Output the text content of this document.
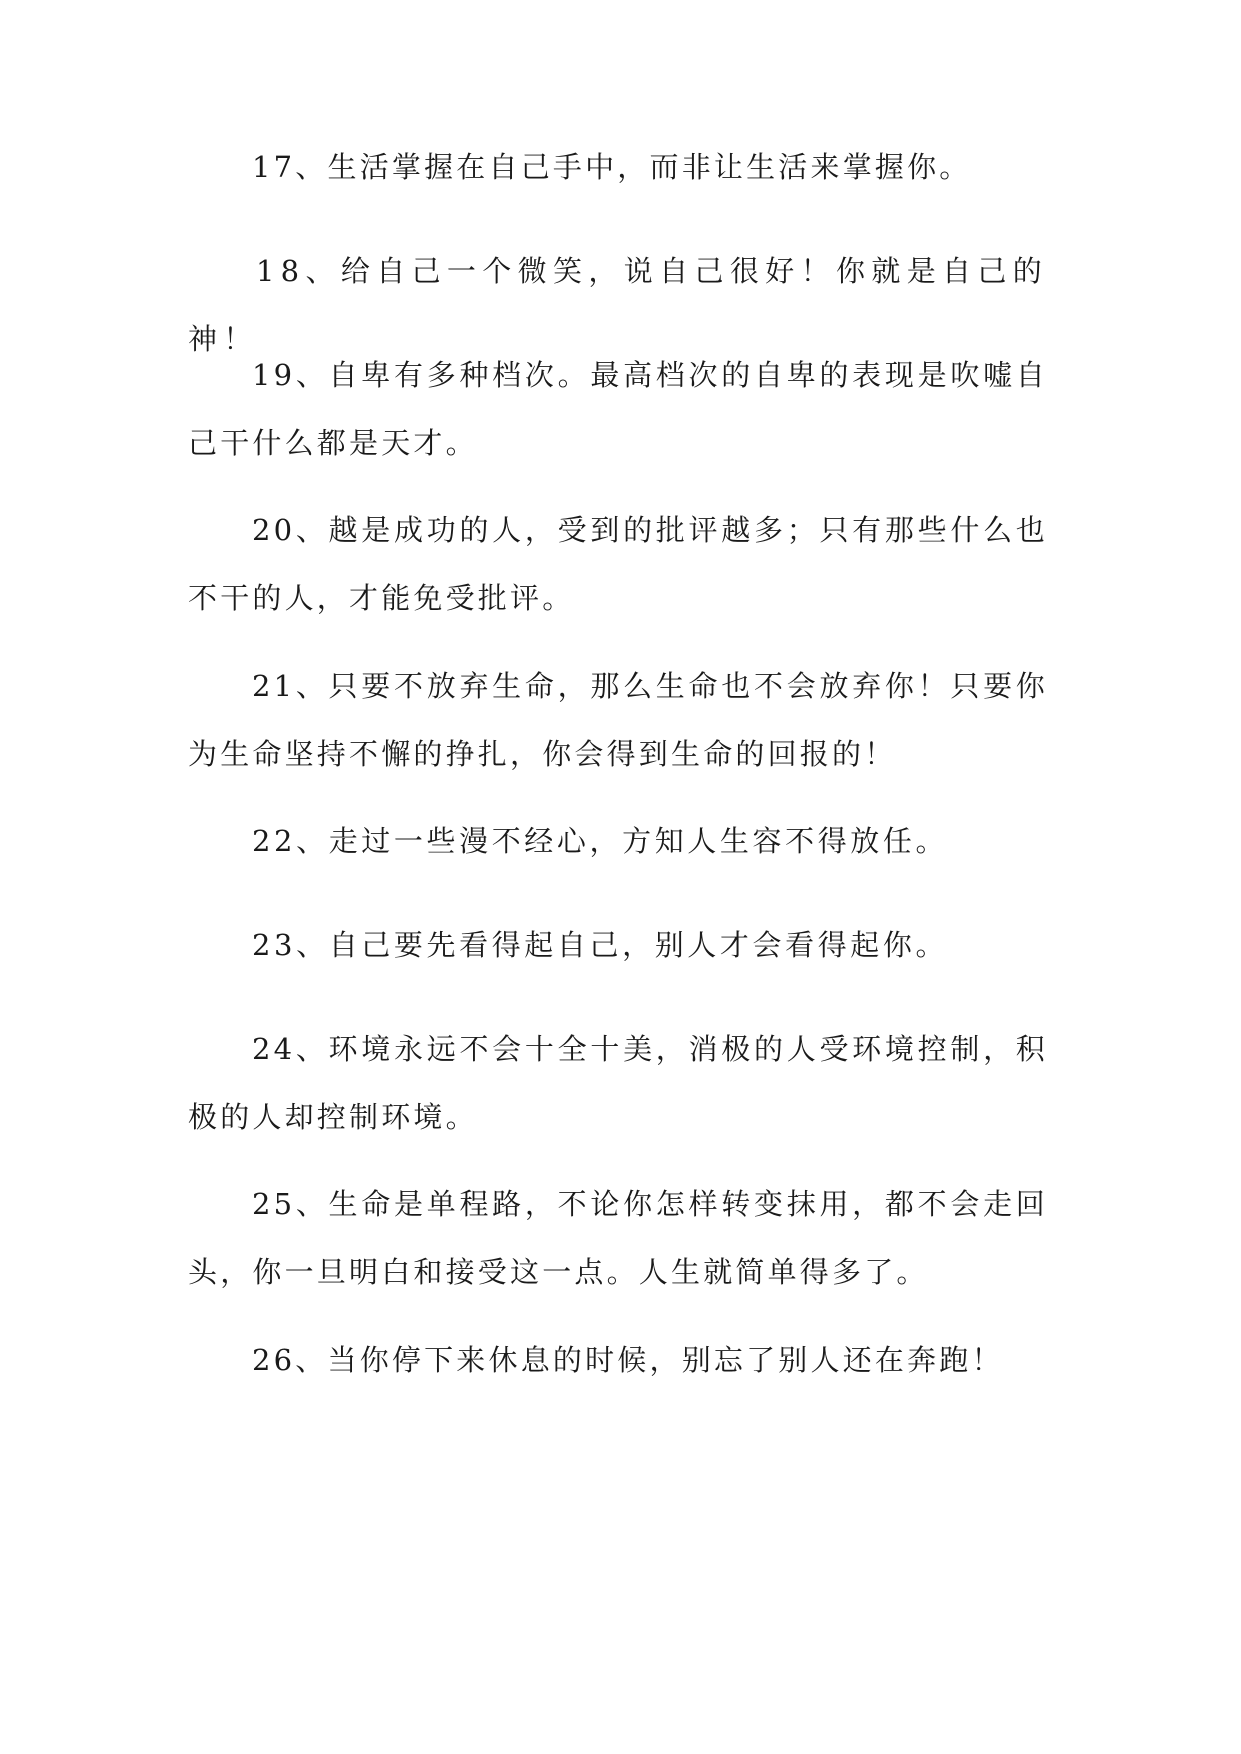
17、生活掌握在自己手中，而非让生活来掌握你。

18、给自己一个微笑，说自己很好！你就是自己的神！

19、自卑有多种档次。最高档次的自卑的表现是吹嘘自己干什么都是天才。

20、越是成功的人，受到的批评越多；只有那些什么也不干的人，才能免受批评。

21、只要不放弃生命，那么生命也不会放弃你！只要你为生命坚持不懈的挣扎，你会得到生命的回报的！

22、走过一些漫不经心，方知人生容不得放任。

23、自己要先看得起自己，别人才会看得起你。

24、环境永远不会十全十美，消极的人受环境控制，积极的人却控制环境。

25、生命是单程路，不论你怎样转变抹用，都不会走回头，你一旦明白和接受这一点。人生就简单得多了。

26、当你停下来休息的时候，别忘了别人还在奔跑！
